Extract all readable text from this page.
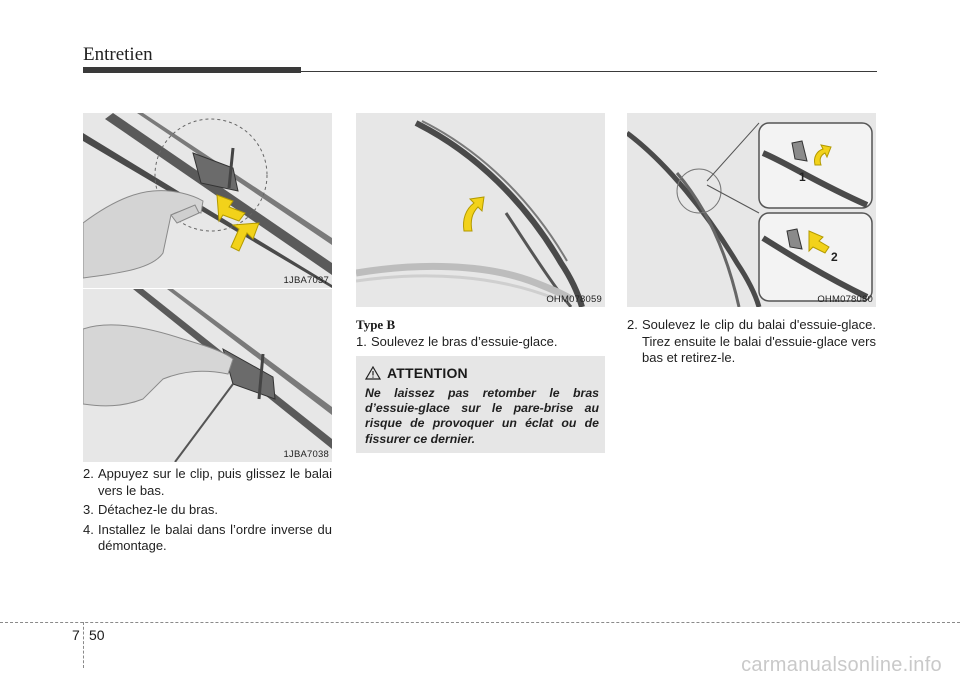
Entretien
1JBA7037
1JBA7038
OHM078059
1
2
OHM078060
2. Appuyez sur le clip, puis glissez le balai vers le bas.
3. Détachez-le du bras.
4. Installez le balai dans l’ordre inverse du démontage.
Type B
1. Soulevez le bras d’essuie-glace.
ATTENTION
Ne laissez pas retomber le bras d’essuie-glace sur le pare-brise au risque de provoquer un éclat ou de fissurer ce dernier.
2. Soulevez le clip du balai d'essuie-glace. Tirez ensuite le balai d'essuie-glace vers bas et retirez-le.
7 50
carmanualsonline.info
